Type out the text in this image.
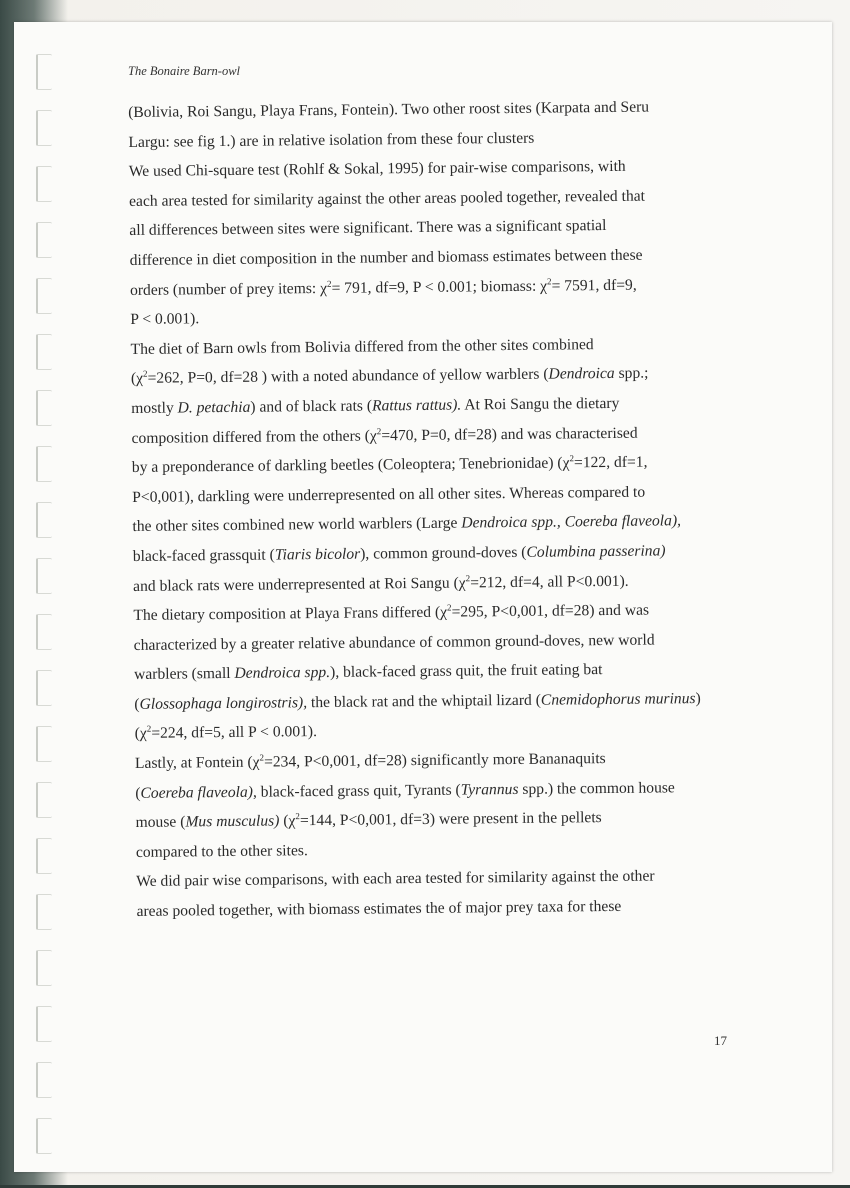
The Bonaire Barn-owl
(Bolivia, Roi Sangu, Playa Frans, Fontein). Two other roost sites (Karpata and Seru
Largu: see fig 1.) are in relative isolation from these four clusters
We used Chi-square test (Rohlf & Sokal, 1995) for pair-wise comparisons, with
each area tested for similarity against the other areas pooled together, revealed that
all differences between sites were significant. There was a significant spatial
difference in diet composition in the number and biomass estimates between these
orders (number of prey items: $\chi^2= 791$, df=9, P < 0.001; biomass: $\chi^2= 7591$, df=9,
P < 0.001).
The diet of Barn owls from Bolivia differed from the other sites combined
($\chi^2=262$, P=0, df=28 ) with a noted abundance of yellow warblers (Dendroica spp.;
mostly D. petachia) and of black rats (Rattus rattus). At Roi Sangu the dietary
composition differed from the others ($\chi^2=470$, P=0, df=28) and was characterised
by a preponderance of darkling beetles (Coleoptera; Tenebrionidae) ($\chi^2=122$, df=1,
P<0,001), darkling were underrepresented on all other sites. Whereas compared to
the other sites combined new world warblers (Large Dendroica spp., Coereba flaveola),
black-faced grassquit (Tiaris bicolor), common ground-doves (Columbina passerina)
and black rats were underrepresented at Roi Sangu ($\chi^2=212$, df=4, all P<0.001).
The dietary composition at Playa Frans differed ($\chi^2=295$, P<0,001, df=28) and was
characterized by a greater relative abundance of common ground-doves, new world
warblers (small Dendroica spp.), black-faced grass quit, the fruit eating bat
(Glossophaga longirostris), the black rat and the whiptail lizard (Cnemidophorus murinus)
($\chi^2=224$, df=5, all P < 0.001).
Lastly, at Fontein ($\chi^2=234$, P<0,001, df=28) significantly more Bananaquits
(Coereba flaveola), black-faced grass quit, Tyrants (Tyrannus spp.) the common house
mouse (Mus musculus) ($\chi^2=144$, P<0,001, df=3) were present in the pellets
compared to the other sites.
We did pair wise comparisons, with each area tested for similarity against the other
areas pooled together, with biomass estimates the of major prey taxa for these
17
